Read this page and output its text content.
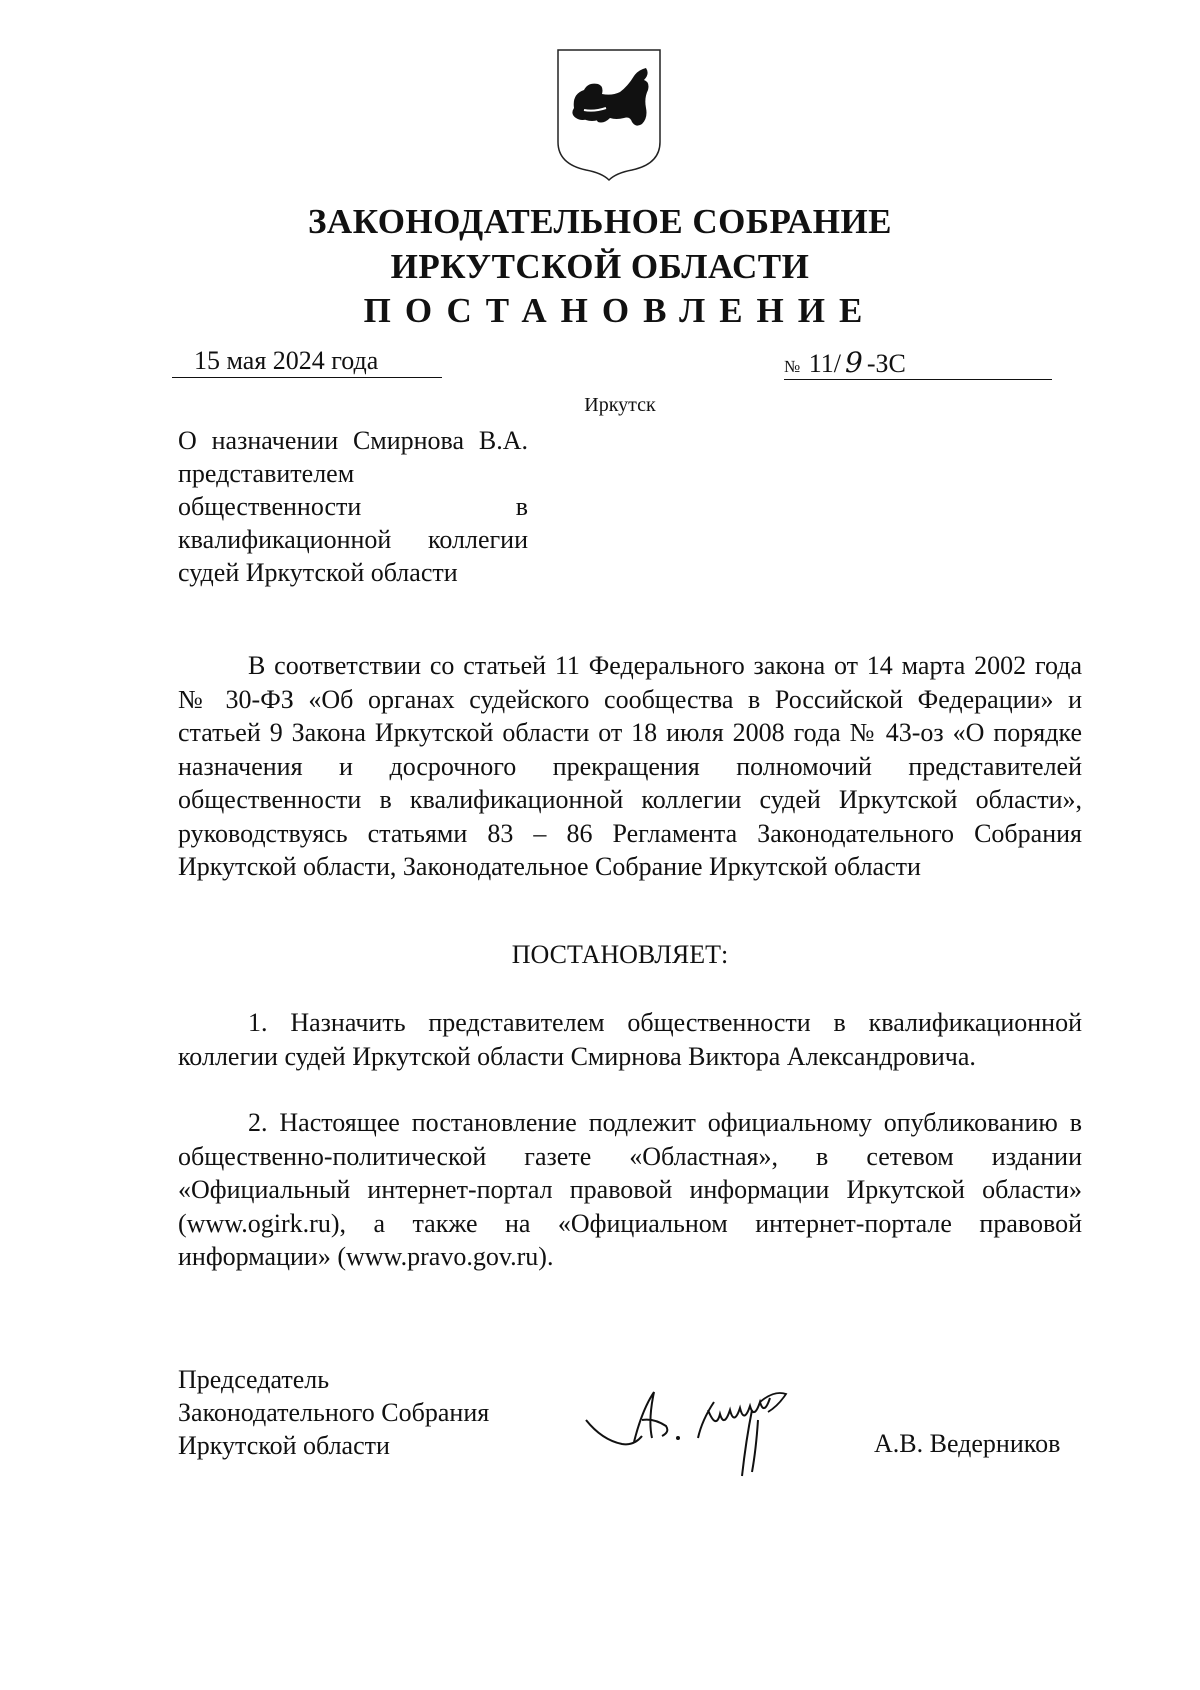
ЗАКОНОДАТЕЛЬНОЕ СОБРАНИЕ
ИРКУТСКОЙ ОБЛАСТИ
ПОСТАНОВЛЕНИЕ
15 мая 2024 года	№ 11/ 9 -ЗС
Иркутск
О назначении Смирнова В.А. представителем общественности в квалификационной коллегии судей Иркутской области
В соответствии со статьей 11 Федерального закона от 14 марта 2002 года № 30-ФЗ «Об органах судейского сообщества в Российской Федерации» и статьей 9 Закона Иркутской области от 18 июля 2008 года № 43-оз «О порядке назначения и досрочного прекращения полномочий представителей общественности в квалификационной коллегии судей Иркутской области», руководствуясь статьями 83 – 86 Регламента Законодательного Собрания Иркутской области, Законодательное Собрание Иркутской области
ПОСТАНОВЛЯЕТ:
1. Назначить представителем общественности в квалификационной коллегии судей Иркутской области Смирнова Виктора Александровича.
2. Настоящее постановление подлежит официальному опубликованию в общественно-политической газете «Областная», в сетевом издании «Официальный интернет-портал правовой информации Иркутской области» (www.ogirk.ru), а также на «Официальном интернет-портале правовой информации» (www.pravo.gov.ru).
Председатель
Законодательного Собрания
Иркутской области	А.В. Ведерников
